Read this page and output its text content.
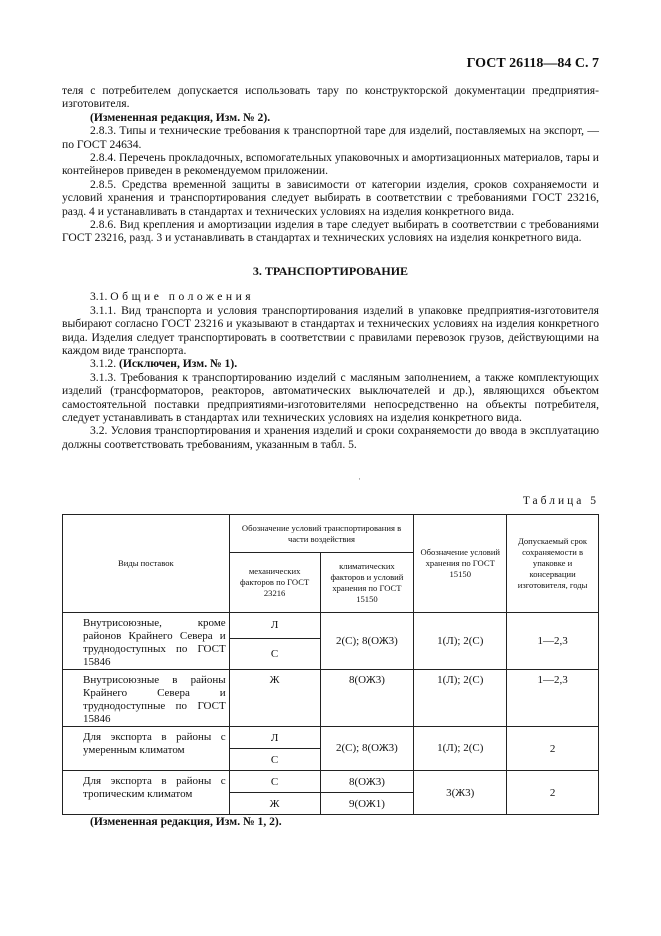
ГОСТ 26118—84 С. 7

теля с потребителем допускается использовать тару по конструкторской документации предприятия-изготовителя.

(Измененная редакция, Изм. № 2).

2.8.3. Типы и технические требования к транспортной таре для изделий, поставляемых на экспорт, — по ГОСТ 24634.

2.8.4. Перечень прокладочных, вспомогательных упаковочных и амортизационных материалов, тары и контейнеров приведен в рекомендуемом приложении.

2.8.5. Средства временной защиты в зависимости от категории изделия, сроков сохраняемости и условий хранения и транспортирования следует выбирать в соответствии с требованиями ГОСТ 23216, разд. 4 и устанавливать в стандартах и технических условиях на изделия конкретного вида.

2.8.6. Вид крепления и амортизации изделия в таре следует выбирать в соответствии с требованиями ГОСТ 23216, разд. 3 и устанавливать в стандартах и технических условиях на изделия конкретного вида.

3. ТРАНСПОРТИРОВАНИЕ

3.1. Общие положения

3.1.1. Вид транспорта и условия транспортирования изделий в упаковке предприятия-изготовителя выбирают согласно ГОСТ 23216 и указывают в стандартах и технических условиях на изделия конкретного вида. Изделия следует транспортировать в соответствии с правилами перевозок грузов, действующими на каждом виде транспорта.

3.1.2. (Исключен, Изм. № 1).

3.1.3. Требования к транспортированию изделий с масляным заполнением, а также комплектующих изделий (трансформаторов, реакторов, автоматических выключателей и др.), являющихся объектом самостоятельной поставки предприятиями-изготовителями непосредственно на объекты потребителя, следует устанавливать в стандартах или технических условиях на изделия конкретного вида.

3.2. Условия транспортирования и хранения изделий и сроки сохраняемости до ввода в эксплуатацию должны соответствовать требованиям, указанным в табл. 5.

·
Таблица 5
Виды поставок	Обозначение условий транспортирования в части воздействия		Обозначение условий хранения по ГОСТ 15150	Допускаемый срок сохраняемости в упаковке и консервации изготовителя, годы
	механических факторов по ГОСТ 23216	климатических факторов и условий хранения по ГОСТ 15150		
Внутрисоюзные, кроме районов Крайнего Севера и труднодоступных по ГОСТ 15846	Л	2(С); 8(ОЖ3)	1(Л); 2(С)	1—2,3
	С			
Внутрисоюзные в районы Крайнего Севера и труднодоступные по ГОСТ 15846	Ж	8(ОЖ3)	1(Л); 2(С)	1—2,3
Для экспорта в районы с умеренным климатом	Л	2(С); 8(ОЖ3)	1(Л); 2(С)	2
	С			
Для экспорта в районы с тропическим климатом	С	8(ОЖ3)	3(Ж3)	2
	Ж	9(ОЖ1)		
(Измененная редакция, Изм. № 1, 2).
